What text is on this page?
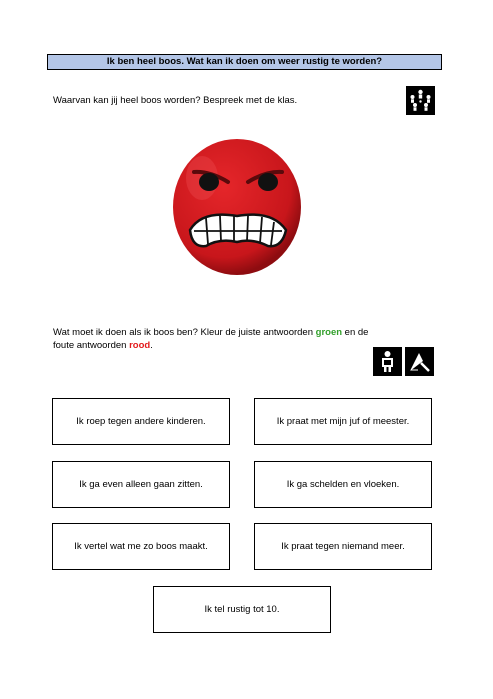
Ik ben heel boos. Wat kan ik doen om weer rustig te worden?
Waarvan kan jij heel boos worden? Bespreek met de klas.
Wat moet ik doen als ik boos ben? Kleur de juiste antwoorden groen en de foute antwoorden rood.
Ik roep tegen andere kinderen.	Ik praat met mijn juf of meester.
Ik ga even alleen gaan zitten.	Ik ga schelden en vloeken.
Ik vertel wat me zo boos maakt.	Ik praat tegen niemand meer.
Ik tel rustig tot 10.
